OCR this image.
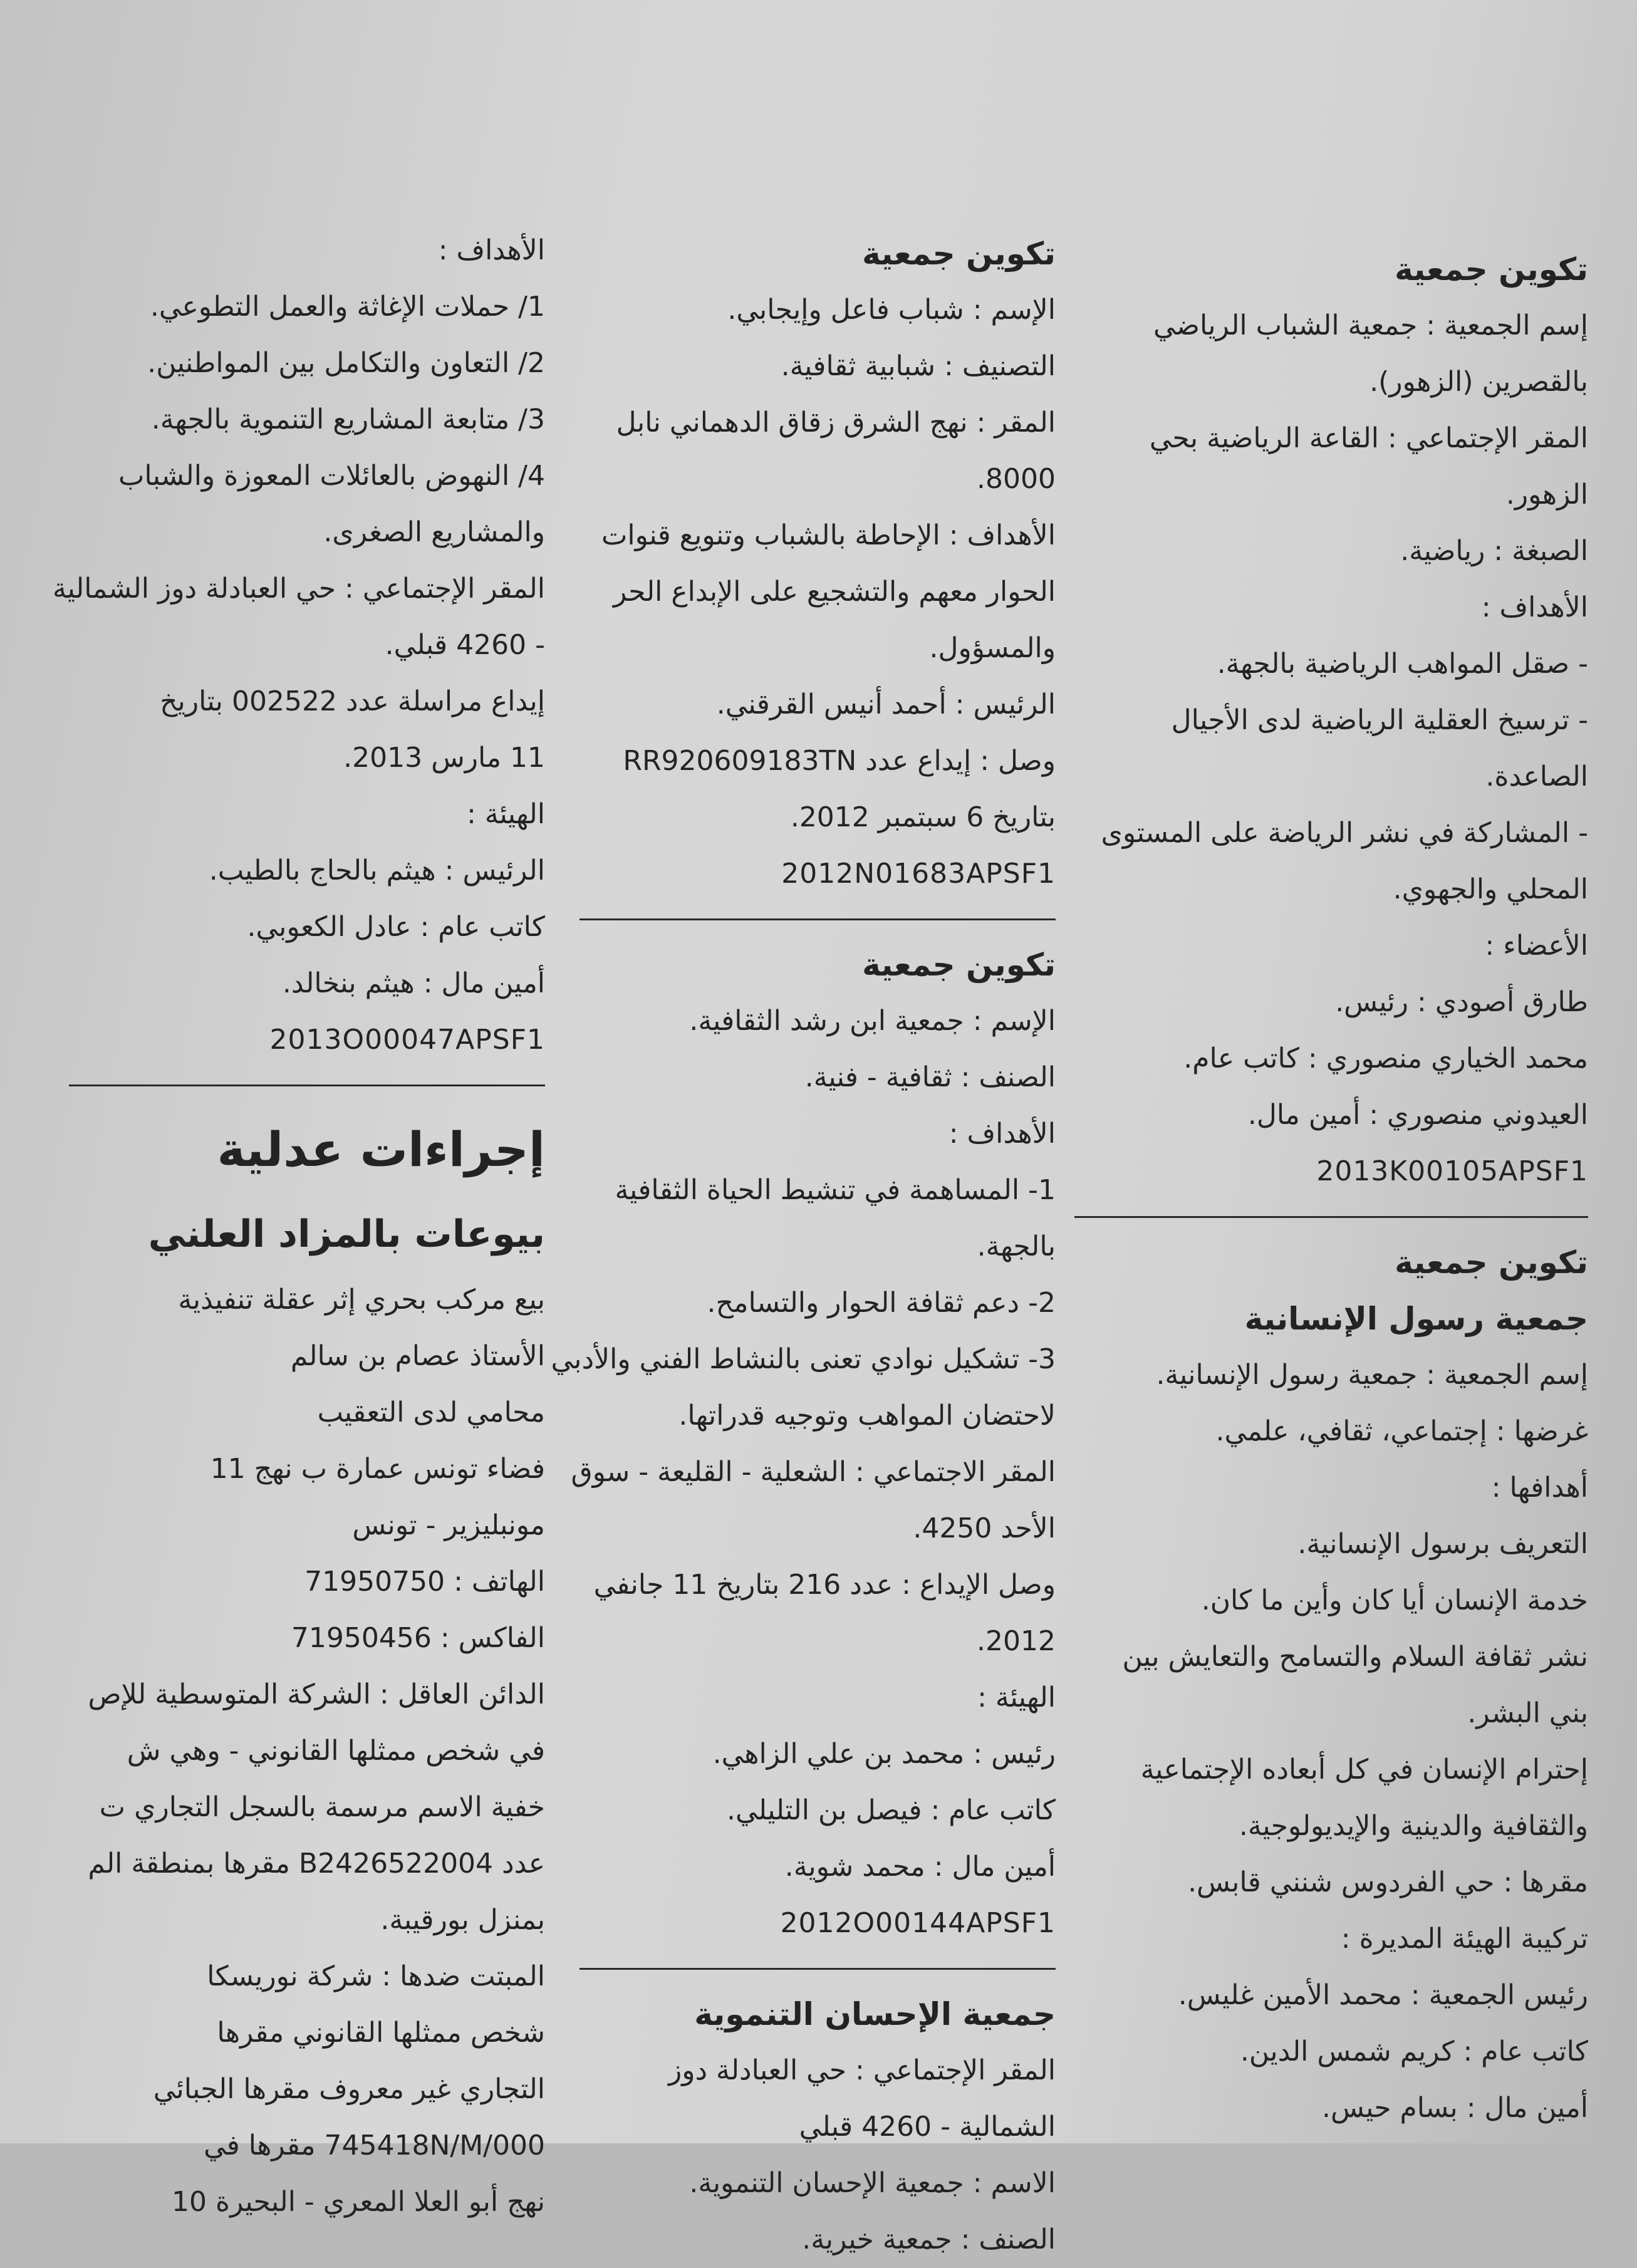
تكوين جمعية
إسم الجمعية : جمعية الشباب الرياضي
بالقصرين (الزهور).
المقر الإجتماعي : القاعة الرياضية بحي
الزهور.
الصبغة : رياضية.
الأهداف :
- صقل المواهب الرياضية بالجهة.
- ترسيخ العقلية الرياضية لدى الأجيال
الصاعدة.
- المشاركة في نشر الرياضة على المستوى
المحلي والجهوي.
الأعضاء :
طارق أصودي : رئيس.
محمد الخياري منصوري : كاتب عام.
العيدوني منصوري : أمين مال.
2013K00105APSF1
تكوين جمعية
جمعية رسول الإنسانية
إسم الجمعية : جمعية رسول الإنسانية.
غرضها : إجتماعي، ثقافي، علمي.
أهدافها :
التعريف برسول الإنسانية.
خدمة الإنسان أيا كان وأين ما كان.
نشر ثقافة السلام والتسامح والتعايش بين
بني البشر.
إحترام الإنسان في كل أبعاده الإجتماعية
والثقافية والدينية والإيديولوجية.
مقرها : حي الفردوس شنني قابس.
تركيبة الهيئة المديرة :
رئيس الجمعية : محمد الأمين غليس.
كاتب عام : كريم شمس الدين.
أمين مال : بسام حيس.
تكوين جمعية
الإسم : شباب فاعل وإيجابي.
التصنيف : شبابية ثقافية.
المقر : نهج الشرق زقاق الدهماني نابل
8000.
الأهداف : الإحاطة بالشباب وتنويع قنوات
الحوار معهم والتشجيع على الإبداع الحر
والمسؤول.
الرئيس : أحمد أنيس القرقني.
وصل : إيداع عدد RR920609183TN
بتاريخ 6 سبتمبر 2012.
2012N01683APSF1
تكوين جمعية
الإسم : جمعية ابن رشد الثقافية.
الصنف : ثقافية - فنية.
الأهداف :
1- المساهمة في تنشيط الحياة الثقافية
بالجهة.
2- دعم ثقافة الحوار والتسامح.
3- تشكيل نوادي تعنى بالنشاط الفني والأدبي
لاحتضان المواهب وتوجيه قدراتها.
المقر الاجتماعي : الشعلية - القليعة - سوق
الأحد 4250.
وصل الإيداع : عدد 216 بتاريخ 11 جانفي
2012.
الهيئة :
رئيس : محمد بن علي الزاهي.
كاتب عام : فيصل بن التليلي.
أمين مال : محمد شوية.
2012O00144APSF1
جمعية الإحسان التنموية
المقر الإجتماعي : حي العبادلة دوز
الشمالية - 4260 قبلي
الاسم : جمعية الإحسان التنموية.
الصنف : جمعية خيرية.
الأهداف :
1/ حملات الإغاثة والعمل التطوعي.
2/ التعاون والتكامل بين المواطنين.
3/ متابعة المشاريع التنموية بالجهة.
4/ النهوض بالعائلات المعوزة والشباب
والمشاريع الصغرى.
المقر الإجتماعي : حي العبادلة دوز الشمالية
- 4260 قبلي.
إيداع مراسلة عدد 002522 بتاريخ
11 مارس 2013.
الهيئة :
الرئيس : هيثم بالحاج بالطيب.
كاتب عام : عادل الكعوبي.
أمين مال : هيثم بنخالد.
2013O00047APSF1
إجراءات عدلية
بيوعات بالمزاد العلني
بيع مركب بحري إثر عقلة تنفيذية
الأستاذ عصام بن سالم
محامي لدى التعقيب
فضاء تونس عمارة ب نهج 11
مونبليزير - تونس
الهاتف : 71950750
الفاكس : 71950456
الدائن العاقل : الشركة المتوسطية للإص
في شخص ممثلها القانوني - وهي ش
خفية الاسم مرسمة بالسجل التجاري ت
عدد B2426522004 مقرها بمنطقة الم
بمنزل بورقيبة.
المبتت ضدها : شركة نوريسكا
شخص ممثلها القانوني مقرها
التجاري غير معروف مقرها الجبائي
745418N/M/000 مقرها في
نهج أبو العلا المعري - البحيرة 10
